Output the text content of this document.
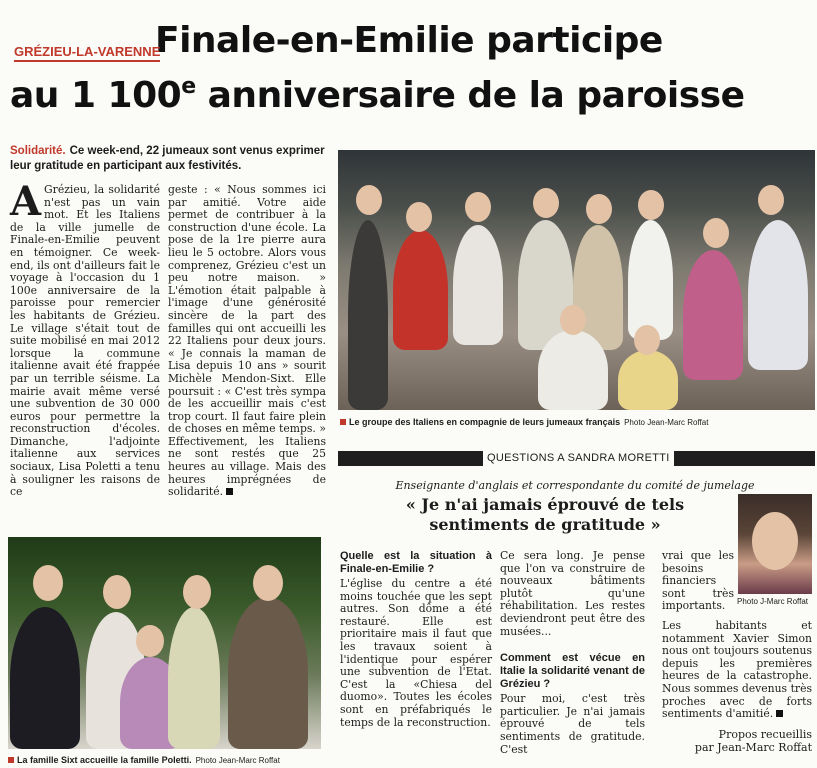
Finale-en-Emilie participe
au 1 100e anniversaire de la paroisse
GRÉZIEU-LA-VARENNE
Solidarité. Ce week-end, 22 jumeaux sont venus exprimer leur gratitude en participant aux festivités.
A Grézieu, la solidarité n'est pas un vain mot. Et les Italiens de la ville jumelle de Finale-en-Emilie peuvent en témoigner. Ce week-end, ils ont d'ailleurs fait le voyage à l'occasion du 1 100e anniversaire de la paroisse pour remercier les habitants de Grézieu. Le village s'était tout de suite mobilisé en mai 2012 lorsque la commune italienne avait été frappée par un terrible séisme. La mairie avait même versé une subvention de 30 000 euros pour permettre la reconstruction d'écoles. Dimanche, l'adjointe italienne aux services sociaux, Lisa Poletti a tenu à souligner les raisons de ce
geste : « Nous sommes ici par amitié. Votre aide permet de contribuer à la construction d'une école. La pose de la 1re pierre aura lieu le 5 octobre. Alors vous comprenez, Grézieu c'est un peu notre maison. » L'émotion était palpable à l'image d'une générosité sincère de la part des familles qui ont accueilli les 22 Italiens pour deux jours. « Je connais la maman de Lisa depuis 10 ans » sourit Michèle Mendon-Sixt. Elle poursuit : « C'est très sympa de les accueillir mais c'est trop court. Il faut faire plein de choses en même temps. » Effectivement, les Italiens ne sont restés que 25 heures au village. Mais des heures imprégnées de solidarité.
Le groupe des Italiens en compagnie de leurs jumeaux français Photo Jean-Marc Roffat
La famille Sixt accueille la famille Poletti. Photo Jean-Marc Roffat
QUESTIONS A SANDRA MORETTI
Enseignante d'anglais et correspondante du comité de jumelage
« Je n'ai jamais éprouvé de tels sentiments de gratitude »
Photo J-Marc Roffat
Quelle est la situation à Finale-en-Emilie ?
L'église du centre a été moins touchée que les sept autres. Son dôme a été restauré. Elle est prioritaire mais il faut que les travaux soient à l'identique pour espérer une subvention de l'Etat. C'est la «Chiesa del duomo». Toutes les écoles sont en préfabriqués le temps de la reconstruction.
Ce sera long. Je pense que l'on va construire de nouveaux bâtiments plutôt qu'une réhabilitation. Les restes deviendront peut être des musées...
Comment est vécue en Italie la solidarité venant de Grézieu ?
Pour moi, c'est très particulier. Je n'ai jamais éprouvé de tels sentiments de gratitude. C'est
vrai que les besoins financiers sont très importants.
Les habitants et notamment Xavier Simon nous ont toujours soutenus depuis les premières heures de la catastrophe. Nous sommes devenus très proches avec de forts sentiments d'amitié.
Propos recueillis
par Jean-Marc Roffat
